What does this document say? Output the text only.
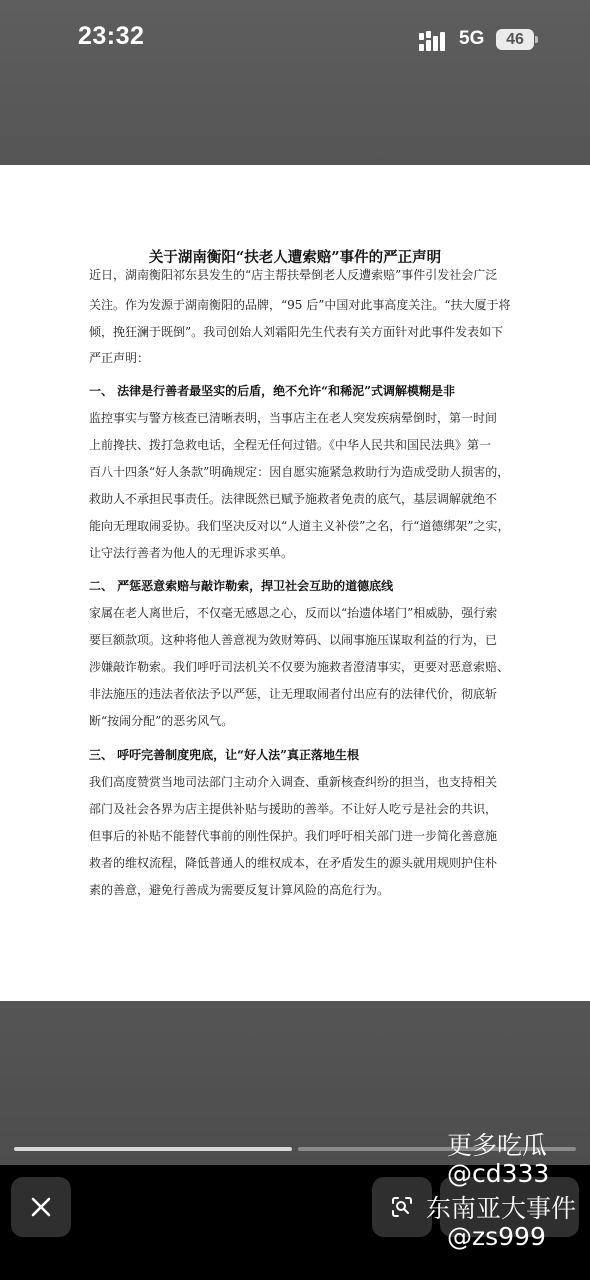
23:32	5G	46
关于湖南衡阳“扶老人遭索赔”事件的严正声明
近日，湖南衡阳祁东县发生的“店主帮扶晕倒老人反遭索赔”事件引发社会广泛
关注。作为发源于湖南衡阳的品牌，“95 后”中国对此事高度关注。“扶大厦于将
倾，挽狂澜于既倒”。我司创始人刘霜阳先生代表有关方面针对此事件发表如下
严正声明：
一、 法律是行善者最坚实的后盾，绝不允许“和稀泥”式调解模糊是非
监控事实与警方核查已清晰表明，当事店主在老人突发疾病晕倒时，第一时间
上前搀扶、拨打急救电话，全程无任何过错。《中华人民共和国民法典》第一
百八十四条“好人条款”明确规定：因自愿实施紧急救助行为造成受助人损害的，
救助人不承担民事责任。法律既然已赋予施救者免责的底气，基层调解就绝不
能向无理取闹妥协。我们坚决反对以“人道主义补偿”之名，行“道德绑架”之实，
让守法行善者为他人的无理诉求买单。
二、 严惩恶意索赔与敲诈勒索，捍卫社会互助的道德底线
家属在老人离世后，不仅毫无感恩之心，反而以“抬遗体堵门”相威胁，强行索
要巨额款项。这种将他人善意视为敛财筹码、以闹事施压谋取利益的行为，已
涉嫌敲诈勒索。我们呼吁司法机关不仅要为施救者澄清事实，更要对恶意索赔、
非法施压的违法者依法予以严惩，让无理取闹者付出应有的法律代价，彻底斩
断“按闹分配”的恶劣风气。
三、 呼吁完善制度兜底，让“好人法”真正落地生根
我们高度赞赏当地司法部门主动介入调查、重新核查纠纷的担当，也支持相关
部门及社会各界为店主提供补贴与援助的善举。不让好人吃亏是社会的共识，
但事后的补贴不能替代事前的刚性保护。我们呼吁相关部门进一步简化善意施
救者的维权流程，降低普通人的维权成本，在矛盾发生的源头就用规则护住朴
素的善意，避免行善成为需要反复计算风险的高危行为。
更多吃瓜
@cd333
东南亚大事件
@zs999
